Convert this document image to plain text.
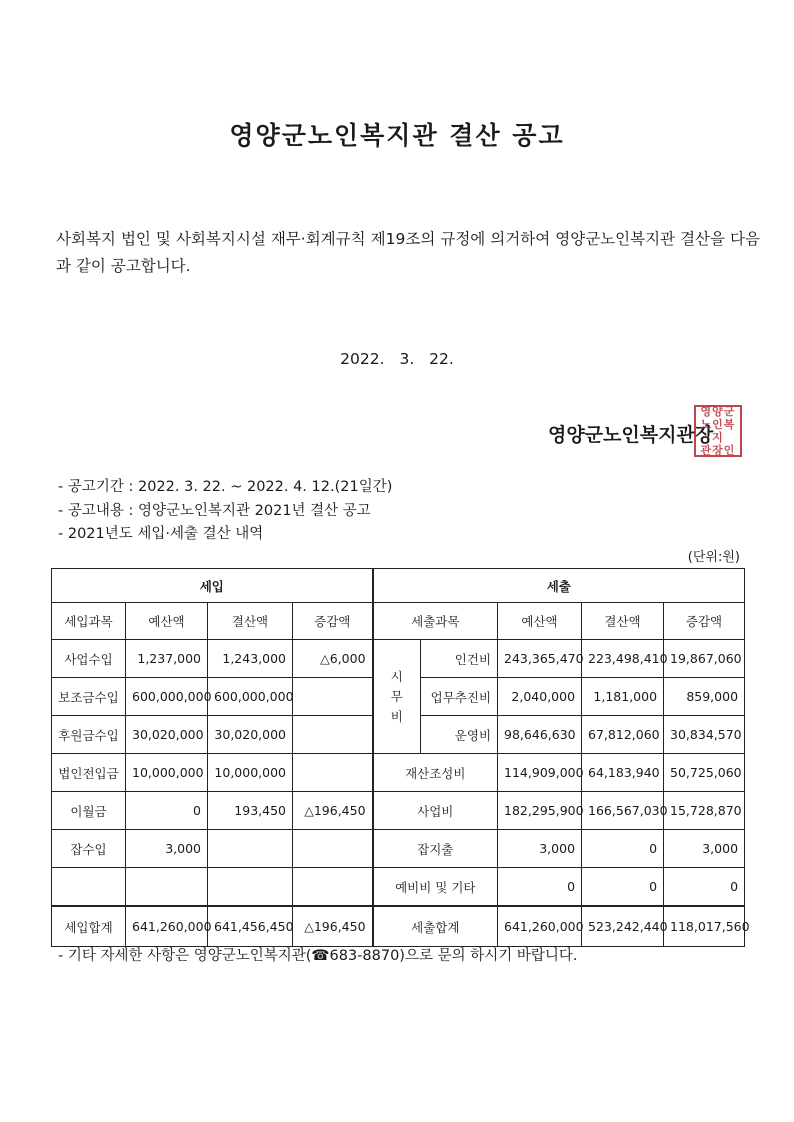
영양군노인복지관 결산 공고
사회복지 법인 및 사회복지시설 재무·회계규칙 제19조의 규정에 의거하여 영양군노인복지관 결산을 다음과 같이 공고합니다.
2022. 3. 22.
영양군노인복지관장
영양군
노인복지
관장인
- 공고기간 : 2022. 3. 22. ~ 2022. 4. 12.(21일간)
- 공고내용 : 영양군노인복지관 2021년 결산 공고
- 2021년도 세입·세출 결산 내역
(단위:원)
세입				세출				
세입과목	예산액	결산액	증감액	세출과목		예산액	결산액	증감액
사업수입	1,237,000	1,243,000	△6,000	시무비	인건비	243,365,470	223,498,410	19,867,060
보조금수입	600,000,000	600,000,000			업무추진비	2,040,000	1,181,000	859,000
후원금수입	30,020,000	30,020,000			운영비	98,646,630	67,812,060	30,834,570
법인전입금	10,000,000	10,000,000		재산조성비		114,909,000	64,183,940	50,725,060
이월금	0	193,450	△196,450	사업비		182,295,900	166,567,030	15,728,870
잡수입	3,000			잡지출		3,000	0	3,000
				예비비 및 기타		0	0	0
세입합계	641,260,000	641,456,450	△196,450	세출합계		641,260,000	523,242,440	118,017,560
- 기타 자세한 사항은 영양군노인복지관(☎683-8870)으로 문의 하시기 바랍니다.
